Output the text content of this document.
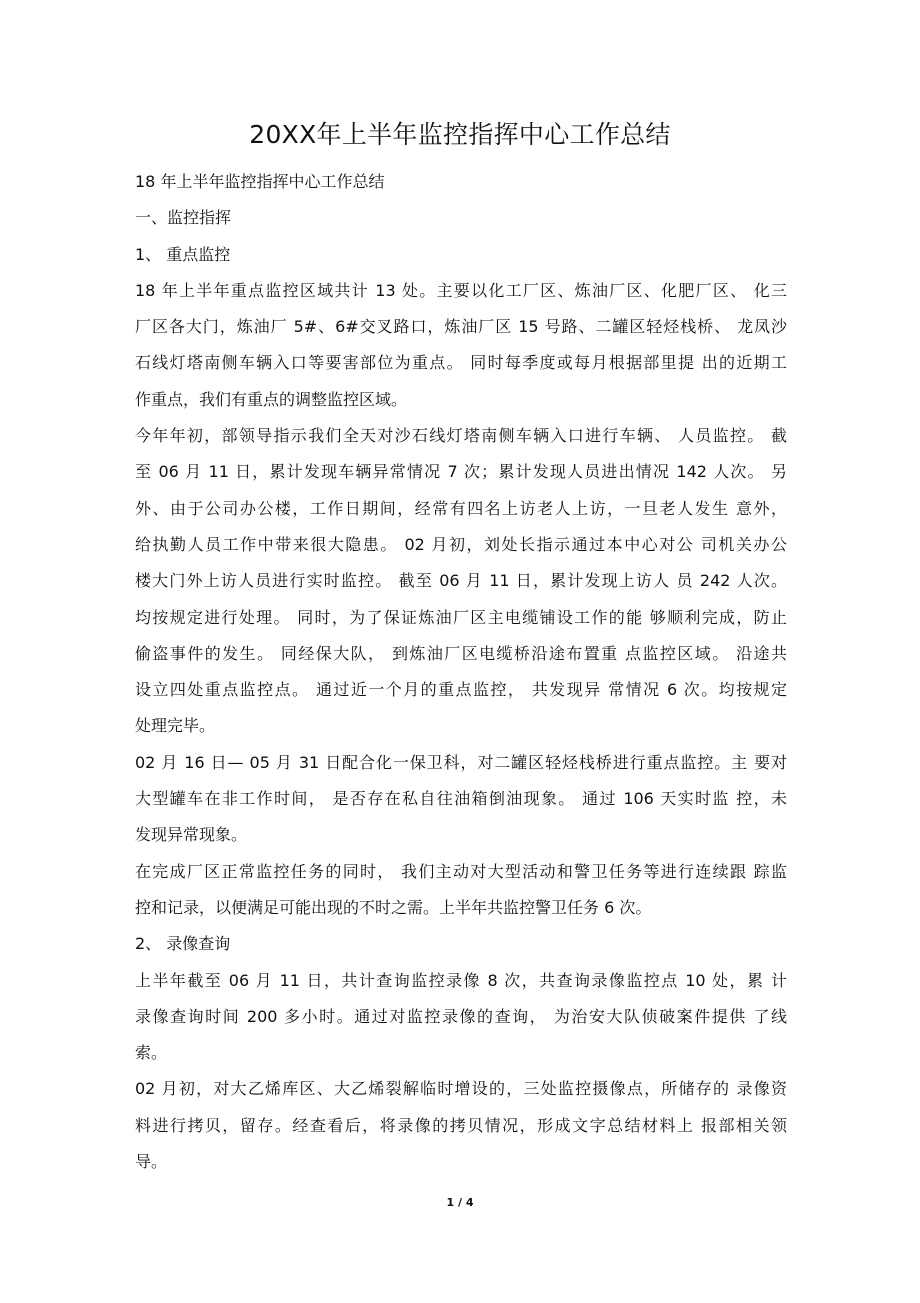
20XX年上半年监控指挥中心工作总结

18 年上半年监控指挥中心工作总结

一、监控指挥

1、 重点监控

18 年上半年重点监控区域共计 13 处。主要以化工厂区、炼油厂区、化肥厂区、 化三

厂区各大门，炼油厂 5#、6#交叉路口，炼油厂区 15 号路、二罐区轻烃栈桥、 龙凤沙

石线灯塔南侧车辆入口等要害部位为重点。 同时每季度或每月根据部里提 出的近期工

作重点，我们有重点的调整监控区域。

今年年初，部领导指示我们全天对沙石线灯塔南侧车辆入口进行车辆、 人员监控。 截

至 06 月 11 日，累计发现车辆异常情况 7 次；累计发现人员进出情况 142 人次。 另

外、由于公司办公楼，工作日期间，经常有四名上访老人上访，一旦老人发生 意外，

给执勤人员工作中带来很大隐患。 02 月初，刘处长指示通过本中心对公 司机关办公

楼大门外上访人员进行实时监控。 截至 06 月 11 日，累计发现上访人 员 242 人次。

均按规定进行处理。 同时，为了保证炼油厂区主电缆铺设工作的能 够顺利完成，防止

偷盗事件的发生。 同经保大队， 到炼油厂区电缆桥沿途布置重 点监控区域。 沿途共

设立四处重点监控点。 通过近一个月的重点监控， 共发现异 常情况 6 次。均按规定

处理完毕。

02 月 16 日— 05 月 31 日配合化一保卫科，对二罐区轻烃栈桥进行重点监控。主 要对

大型罐车在非工作时间， 是否存在私自往油箱倒油现象。 通过 106 天实时监 控，未

发现异常现象。

在完成厂区正常监控任务的同时， 我们主动对大型活动和警卫任务等进行连续跟 踪监

控和记录，以便满足可能出现的不时之需。上半年共监控警卫任务 6 次。

2、 录像查询

上半年截至 06 月 11 日，共计查询监控录像 8 次，共查询录像监控点 10 处，累 计

录像查询时间 200 多小时。通过对监控录像的查询， 为治安大队侦破案件提供 了线

索。

02 月初，对大乙烯库区、大乙烯裂解临时增设的，三处监控摄像点，所储存的 录像资

料进行拷贝，留存。经查看后，将录像的拷贝情况，形成文字总结材料上 报部相关领

导。

1 / 4
